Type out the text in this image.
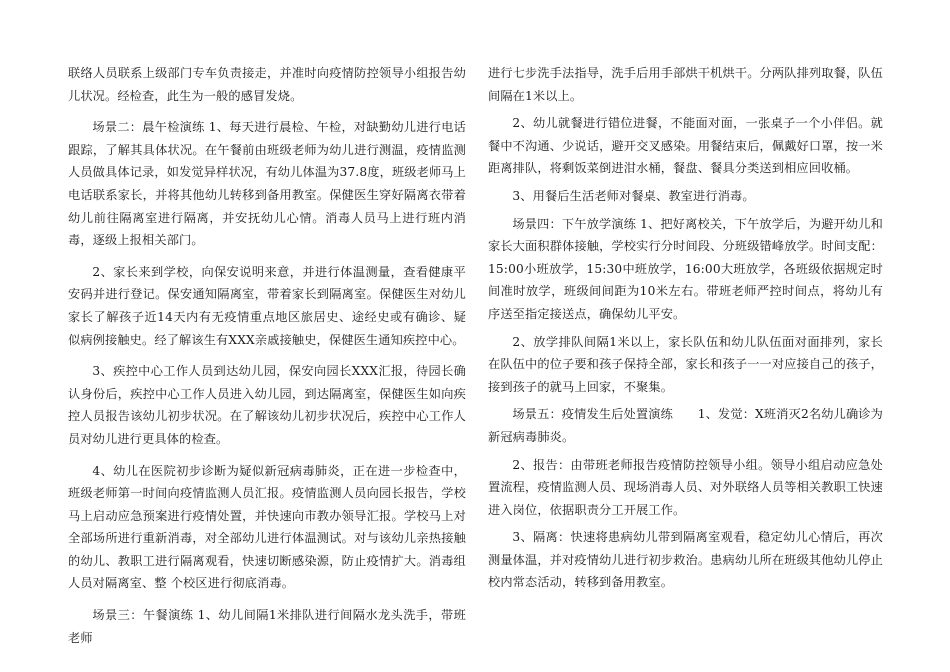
联络人员联系上级部门专车负责接走，并准时向疫情防控领导小组报告幼儿状况。经检查，此生为一般的感冒发烧。

场景二：晨午检演练 1、每天进行晨检、午检，对缺勤幼儿进行电话跟踪，了解其具体状况。在午餐前由班级老师为幼儿进行测温，疫情监测人员做具体记录，如发觉异样状况，有幼儿体温为37.8度，班级老师马上电话联系家长，并将其他幼儿转移到备用教室。保健医生穿好隔离衣带着幼儿前往隔离室进行隔离，并安抚幼儿心情。消毒人员马上进行班内消毒，逐级上报相关部门。

2、家长来到学校，向保安说明来意，并进行体温测量，查看健康平安码并进行登记。保安通知隔离室，带着家长到隔离室。保健医生对幼儿家长了解孩子近14天内有无疫情重点地区旅居史、途经史或有确诊、疑似病例接触史。经了解该生有XXX亲戚接触史，保健医生通知疾控中心。

3、疾控中心工作人员到达幼儿园，保安向园长XXX汇报，待园长确认身份后，疾控中心工作人员进入幼儿园，到达隔离室，保健医生如向疾控人员报告该幼儿初步状况。在了解该幼儿初步状况后，疾控中心工作人员对幼儿进行更具体的检查。

4、幼儿在医院初步诊断为疑似新冠病毒肺炎，正在进一步检查中，班级老师第一时间向疫情监测人员汇报。疫情监测人员向园长报告，学校马上启动应急预案进行疫情处置，并快速向市教办领导汇报。学校马上对全部场所进行重新消毒，对全部幼儿进行体温测试。对与该幼儿亲热接触的幼儿、教职工进行隔离观看，快速切断感染源，防止疫情扩大。消毒组人员对隔离室、整 个校区进行彻底消毒。

场景三：午餐演练 1、幼儿间隔1米排队进行间隔水龙头洗手，带班老师

进行七步洗手法指导，洗手后用手部烘干机烘干。分两队排列取餐，队伍间隔在1米以上。

2、幼儿就餐进行错位进餐，不能面对面，一张桌子一个小伴侣。就餐中不沟通、少说话，避开交叉感染。用餐结束后，佩戴好口罩，按一米距离排队，将剩饭菜倒进泔水桶，餐盘、餐具分类送到相应回收桶。

3、用餐后生活老师对餐桌、教室进行消毒。

场景四：下午放学演练 1、把好离校关，下午放学后，为避开幼儿和家长大面积群体接触，学校实行分时间段、分班级错峰放学。时间支配：15:00小班放学，15:30中班放学，16:00大班放学，各班级依据规定时间准时放学，班级间间距为10米左右。带班老师严控时间点，将幼儿有序送至指定接送点，确保幼儿平安。

2、放学排队间隔1米以上，家长队伍和幼儿队伍面对面排列，家长在队伍中的位子要和孩子保持全部，家长和孩子一一对应接自己的孩子，接到孩子的就马上回家，不聚集。

场景五：疫情发生后处置演练　　1、发觉：X班消灭2名幼儿确诊为新冠病毒肺炎。

2、报告：由带班老师报告疫情防控领导小组。领导小组启动应急处置流程，疫情监测人员、现场消毒人员、对外联络人员等相关教职工快速进入岗位，依据职责分工开展工作。

3、隔离：快速将患病幼儿带到隔离室观看，稳定幼儿心情后，再次测量体温，并对疫情幼儿进行初步救治。患病幼儿所在班级其他幼儿停止校内常态活动，转移到备用教室。
